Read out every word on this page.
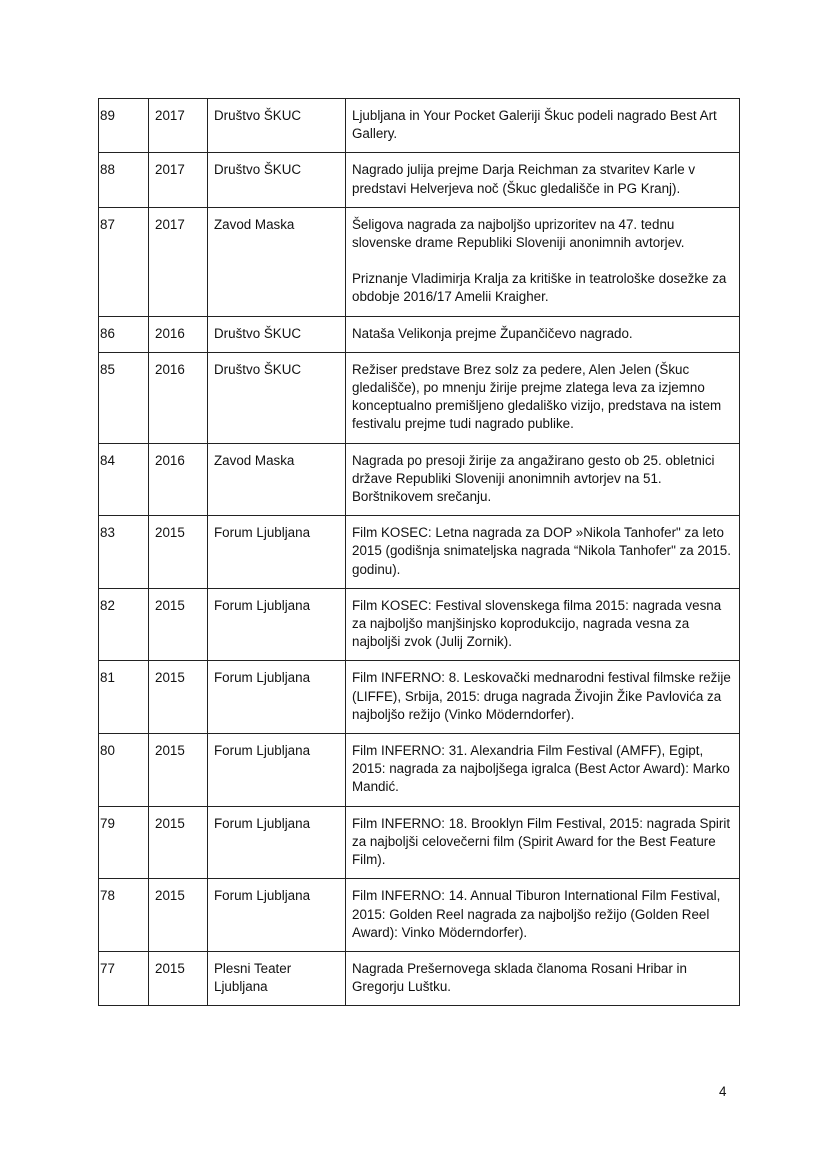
89	2017	Društvo ŠKUC	Ljubljana in Your Pocket Galeriji Škuc podeli nagrado Best Art Gallery.

88	2017	Društvo ŠKUC	Nagrado julija prejme Darja Reichman za stvaritev Karle v predstavi Helverjeva noč (Škuc gledališče in PG Kranj).

87	2017	Zavod Maska	Šeligova nagrada za najboljšo uprizoritev na 47. tednu slovenske drame Republiki Sloveniji anonimnih avtorjev.

Priznanje Vladimirja Kralja za kritiške in teatrološke dosežke za obdobje 2016/17 Amelii Kraigher.

86	2016	Društvo ŠKUC	Nataša Velikonja prejme Župančičevo nagrado.

85	2016	Društvo ŠKUC	Režiser predstave Brez solz za pedere, Alen Jelen (Škuc gledališče), po mnenju žirije prejme zlatega leva za izjemno konceptualno premišljeno gledališko vizijo, predstava na istem festivalu prejme tudi nagrado publike.

84	2016	Zavod Maska	Nagrada po presoji žirije za angažirano gesto ob 25. obletnici države Republiki Sloveniji anonimnih avtorjev na 51. Borštnikovem srečanju.

83	2015	Forum Ljubljana	Film KOSEC: Letna nagrada za DOP »Nikola Tanhofer" za leto 2015 (godišnja snimateljska nagrada “Nikola Tanhofer" za 2015. godinu).

82	2015	Forum Ljubljana	Film KOSEC: Festival slovenskega filma 2015: nagrada vesna za najboljšo manjšinjsko koprodukcijo, nagrada vesna za najboljši zvok (Julij Zornik).

81	2015	Forum Ljubljana	Film INFERNO: 8. Leskovački mednarodni festival filmske režije (LIFFE), Srbija, 2015: druga nagrada Živojin Žike Pavlovića za najboljšo režijo (Vinko Möderndorfer).

80	2015	Forum Ljubljana	Film INFERNO: 31. Alexandria Film Festival (AMFF), Egipt, 2015: nagrada za najboljšega igralca (Best Actor Award): Marko Mandić.

79	2015	Forum Ljubljana	Film INFERNO: 18. Brooklyn Film Festival, 2015: nagrada Spirit za najboljši celovečerni film (Spirit Award for the Best Feature Film).

78	2015	Forum Ljubljana	Film INFERNO: 14. Annual Tiburon International Film Festival, 2015: Golden Reel nagrada za najboljšo režijo (Golden Reel Award): Vinko Möderndorfer).

77	2015	Plesni Teater Ljubljana	Nagrada Prešernovega sklada članoma Rosani Hribar in Gregorju Luštku.

4
